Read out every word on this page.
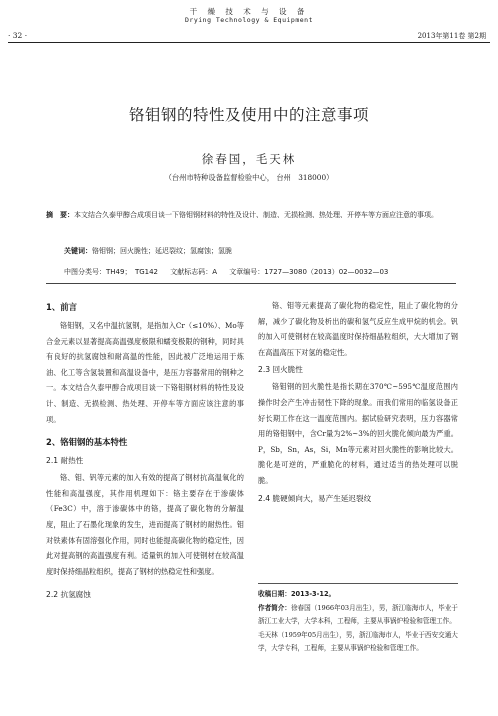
干 燥 技 术 与 设 备
Drying Technology & Equipment
· 32 ·	2013年第11卷 第2期
铬钼钢的特性及使用中的注意事项
徐春国，毛天林
（台州市特种设备监督检验中心， 台州　318000）
摘　要：本文结合久泰甲醇合成项目谈一下铬钼钢材料的特性及设计、制造、无损检测、热处理、开停车等方面应注意的事项。
关键词：铬钼钢；回火脆性；延迟裂纹；氢腐蚀；氢脆
中图分类号：TH49；　TG142 文献标志码：A 文章编号：1727—3080（2013）02—0032—03
1、前言

铬钼钢，又名中温抗氢钢，是指加入Cr（≤10%）、Mo等合金元素以显著提高高温强度极限和蠕变极限的钢种，同时具有良好的抗氢腐蚀和耐高温的性能，因此被广泛地运用于炼油、化工等含氢装置和高温设备中，是压力容器常用的钢种之一。本文结合久泰甲醇合成项目谈一下铬钼钢材料的特性及设计、制造、无损检测、热处理、开停车等方面应该注意的事项。

2、铬钼钢的基本特性
2.1 耐热性

铬、钼、钒等元素的加入有效的提高了钢材抗高温氧化的性能和高温强度，其作用机理如下：铬主要存在于渗碳体（Fe3C）中，溶于渗碳体中的铬，提高了碳化物的分解温度，阻止了石墨化现象的发生，进而提高了钢材的耐热性。钼对铁素体有固溶强化作用，同时也能提高碳化物的稳定性，因此对提高钢的高温强度有利。适量钒的加入可使钢材在较高温度时保持细晶粒组织，提高了钢材的热稳定性和强度。

2.2 抗氢腐蚀

铬、钼等元素提高了碳化物的稳定性，阻止了碳化物的分解，减少了碳化物及析出的碳和氢气反应生成甲烷的机会。钒的加入可使钢材在较高温度时保持细晶粒组织，大大增加了钢在高温高压下对氢的稳定性。

2.3 回火脆性

铬钼钢的回火脆性是指长期在370℃~595℃温度范围内操作时会产生冲击韧性下降的现象。而我们常用的临氢设备正好长期工作在这一温度范围内。据试验研究表明，压力容器常用的铬钼钢中，含Cr量为2%~3%的回火脆化倾向最为严重。P，Sb，Sn，As，Si，Mn等元素对回火脆性的影响比较大。脆化是可逆的，严重脆化的材料，通过适当的热处理可以脱脆。

2.4 脆硬倾向大，易产生延迟裂纹

收稿日期：2013-3-12。

作者简介：徐春国（1966年03月出生），男，浙江临海市人，毕业于浙江工业大学，大学本科，工程师，主要从事锅炉检验和管理工作。

毛天林（1959年05月出生），男，浙江临海市人，毕业于西安交通大学，大学专科，工程师，主要从事锅炉检验和管理工作。
